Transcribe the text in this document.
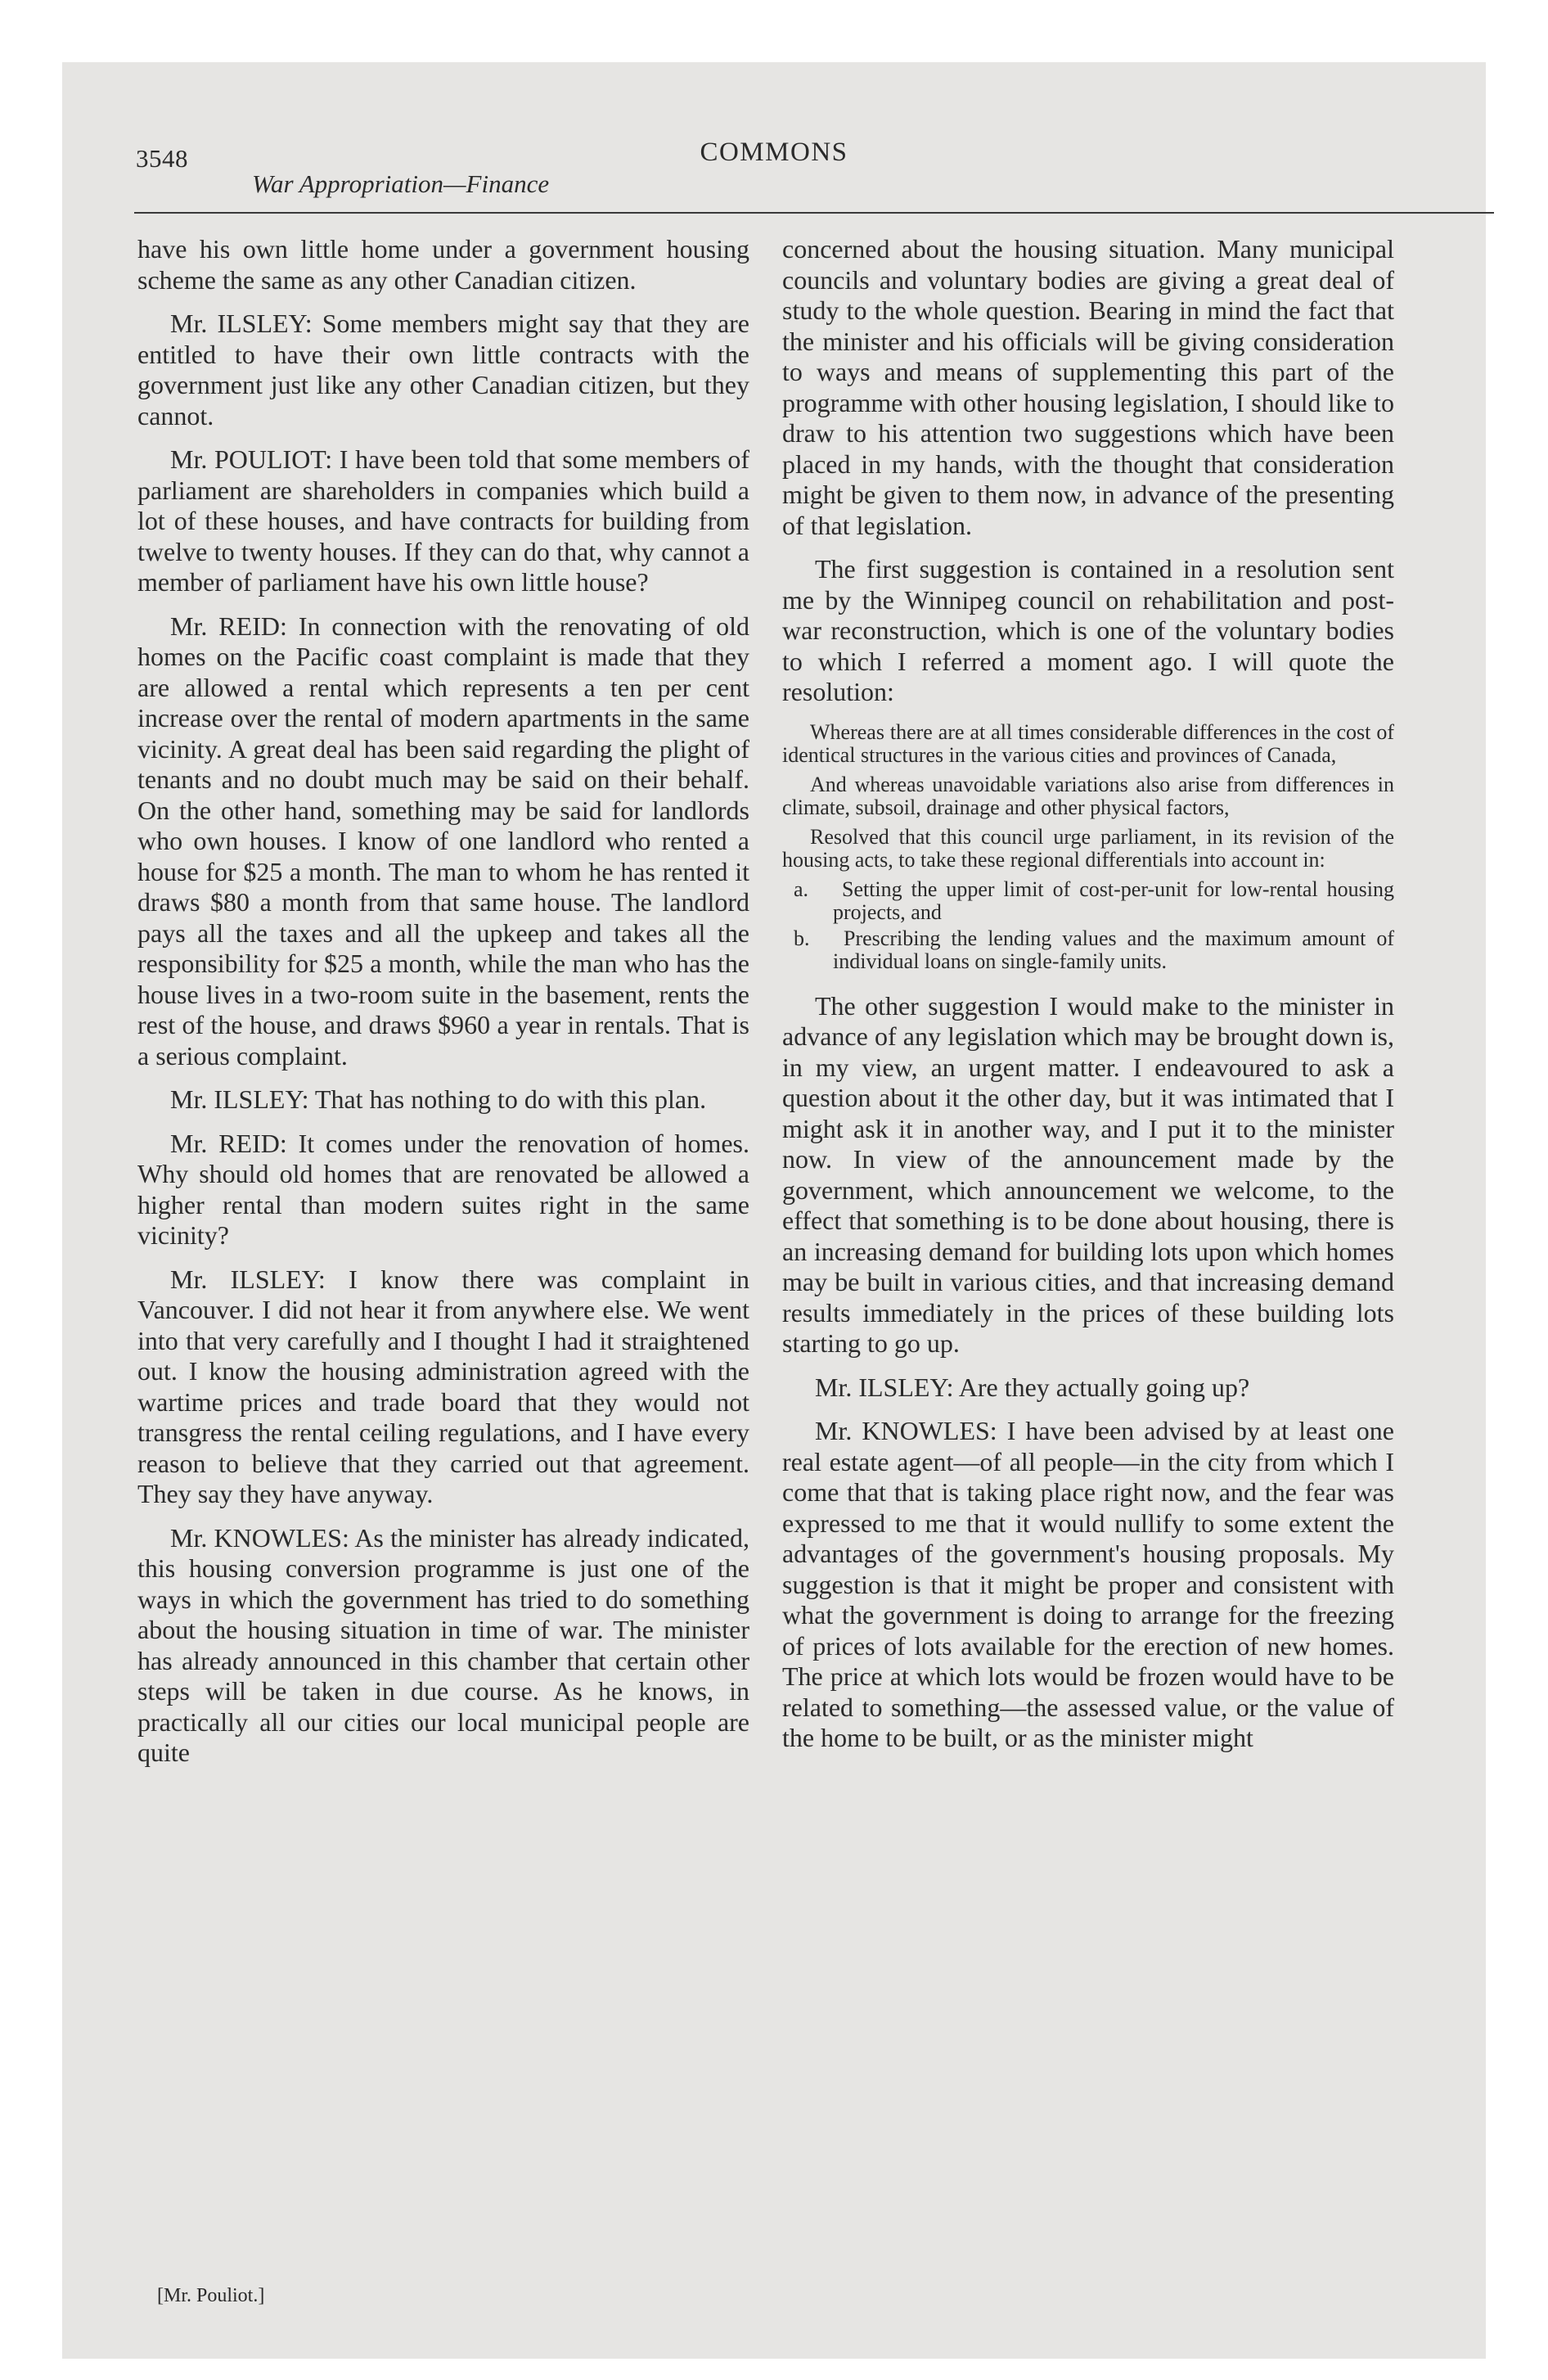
3548	COMMONS
War Appropriation—Finance

have his own little home under a government housing scheme the same as any other Canadian citizen.

Mr. ILSLEY: Some members might say that they are entitled to have their own little contracts with the government just like any other Canadian citizen, but they cannot.

Mr. POULIOT: I have been told that some members of parliament are shareholders in companies which build a lot of these houses, and have contracts for building from twelve to twenty houses. If they can do that, why cannot a member of parliament have his own little house?

Mr. REID: In connection with the renovating of old homes on the Pacific coast complaint is made that they are allowed a rental which represents a ten per cent increase over the rental of modern apartments in the same vicinity. A great deal has been said regarding the plight of tenants and no doubt much may be said on their behalf. On the other hand, something may be said for landlords who own houses. I know of one landlord who rented a house for $25 a month. The man to whom he has rented it draws $80 a month from that same house. The landlord pays all the taxes and all the upkeep and takes all the responsibility for $25 a month, while the man who has the house lives in a two-room suite in the basement, rents the rest of the house, and draws $960 a year in rentals. That is a serious complaint.

Mr. ILSLEY: That has nothing to do with this plan.

Mr. REID: It comes under the renovation of homes. Why should old homes that are renovated be allowed a higher rental than modern suites right in the same vicinity?

Mr. ILSLEY: I know there was complaint in Vancouver. I did not hear it from anywhere else. We went into that very carefully and I thought I had it straightened out. I know the housing administration agreed with the wartime prices and trade board that they would not transgress the rental ceiling regulations, and I have every reason to believe that they carried out that agreement. They say they have anyway.

Mr. KNOWLES: As the minister has already indicated, this housing conversion programme is just one of the ways in which the government has tried to do something about the housing situation in time of war. The minister has already announced in this chamber that certain other steps will be taken in due course. As he knows, in practically all our cities our local municipal people are quite

concerned about the housing situation. Many municipal councils and voluntary bodies are giving a great deal of study to the whole question. Bearing in mind the fact that the minister and his officials will be giving consideration to ways and means of supplementing this part of the programme with other housing legislation, I should like to draw to his attention two suggestions which have been placed in my hands, with the thought that consideration might be given to them now, in advance of the presenting of that legislation.

The first suggestion is contained in a resolution sent me by the Winnipeg council on rehabilitation and post-war reconstruction, which is one of the voluntary bodies to which I referred a moment ago. I will quote the resolution:

Whereas there are at all times considerable differences in the cost of identical structures in the various cities and provinces of Canada,

And whereas unavoidable variations also arise from differences in climate, subsoil, drainage and other physical factors,

Resolved that this council urge parliament, in its revision of the housing acts, to take these regional differentials into account in:

a. Setting the upper limit of cost-per-unit for low-rental housing projects, and

b. Prescribing the lending values and the maximum amount of individual loans on single-family units.

The other suggestion I would make to the minister in advance of any legislation which may be brought down is, in my view, an urgent matter. I endeavoured to ask a question about it the other day, but it was intimated that I might ask it in another way, and I put it to the minister now. In view of the announcement made by the government, which announcement we welcome, to the effect that something is to be done about housing, there is an increasing demand for building lots upon which homes may be built in various cities, and that increasing demand results immediately in the prices of these building lots starting to go up.

Mr. ILSLEY: Are they actually going up?

Mr. KNOWLES: I have been advised by at least one real estate agent—of all people—in the city from which I come that that is taking place right now, and the fear was expressed to me that it would nullify to some extent the advantages of the government's housing proposals. My suggestion is that it might be proper and consistent with what the government is doing to arrange for the freezing of prices of lots available for the erection of new homes. The price at which lots would be frozen would have to be related to something—the assessed value, or the value of the home to be built, or as the minister might

[Mr. Pouliot.]
